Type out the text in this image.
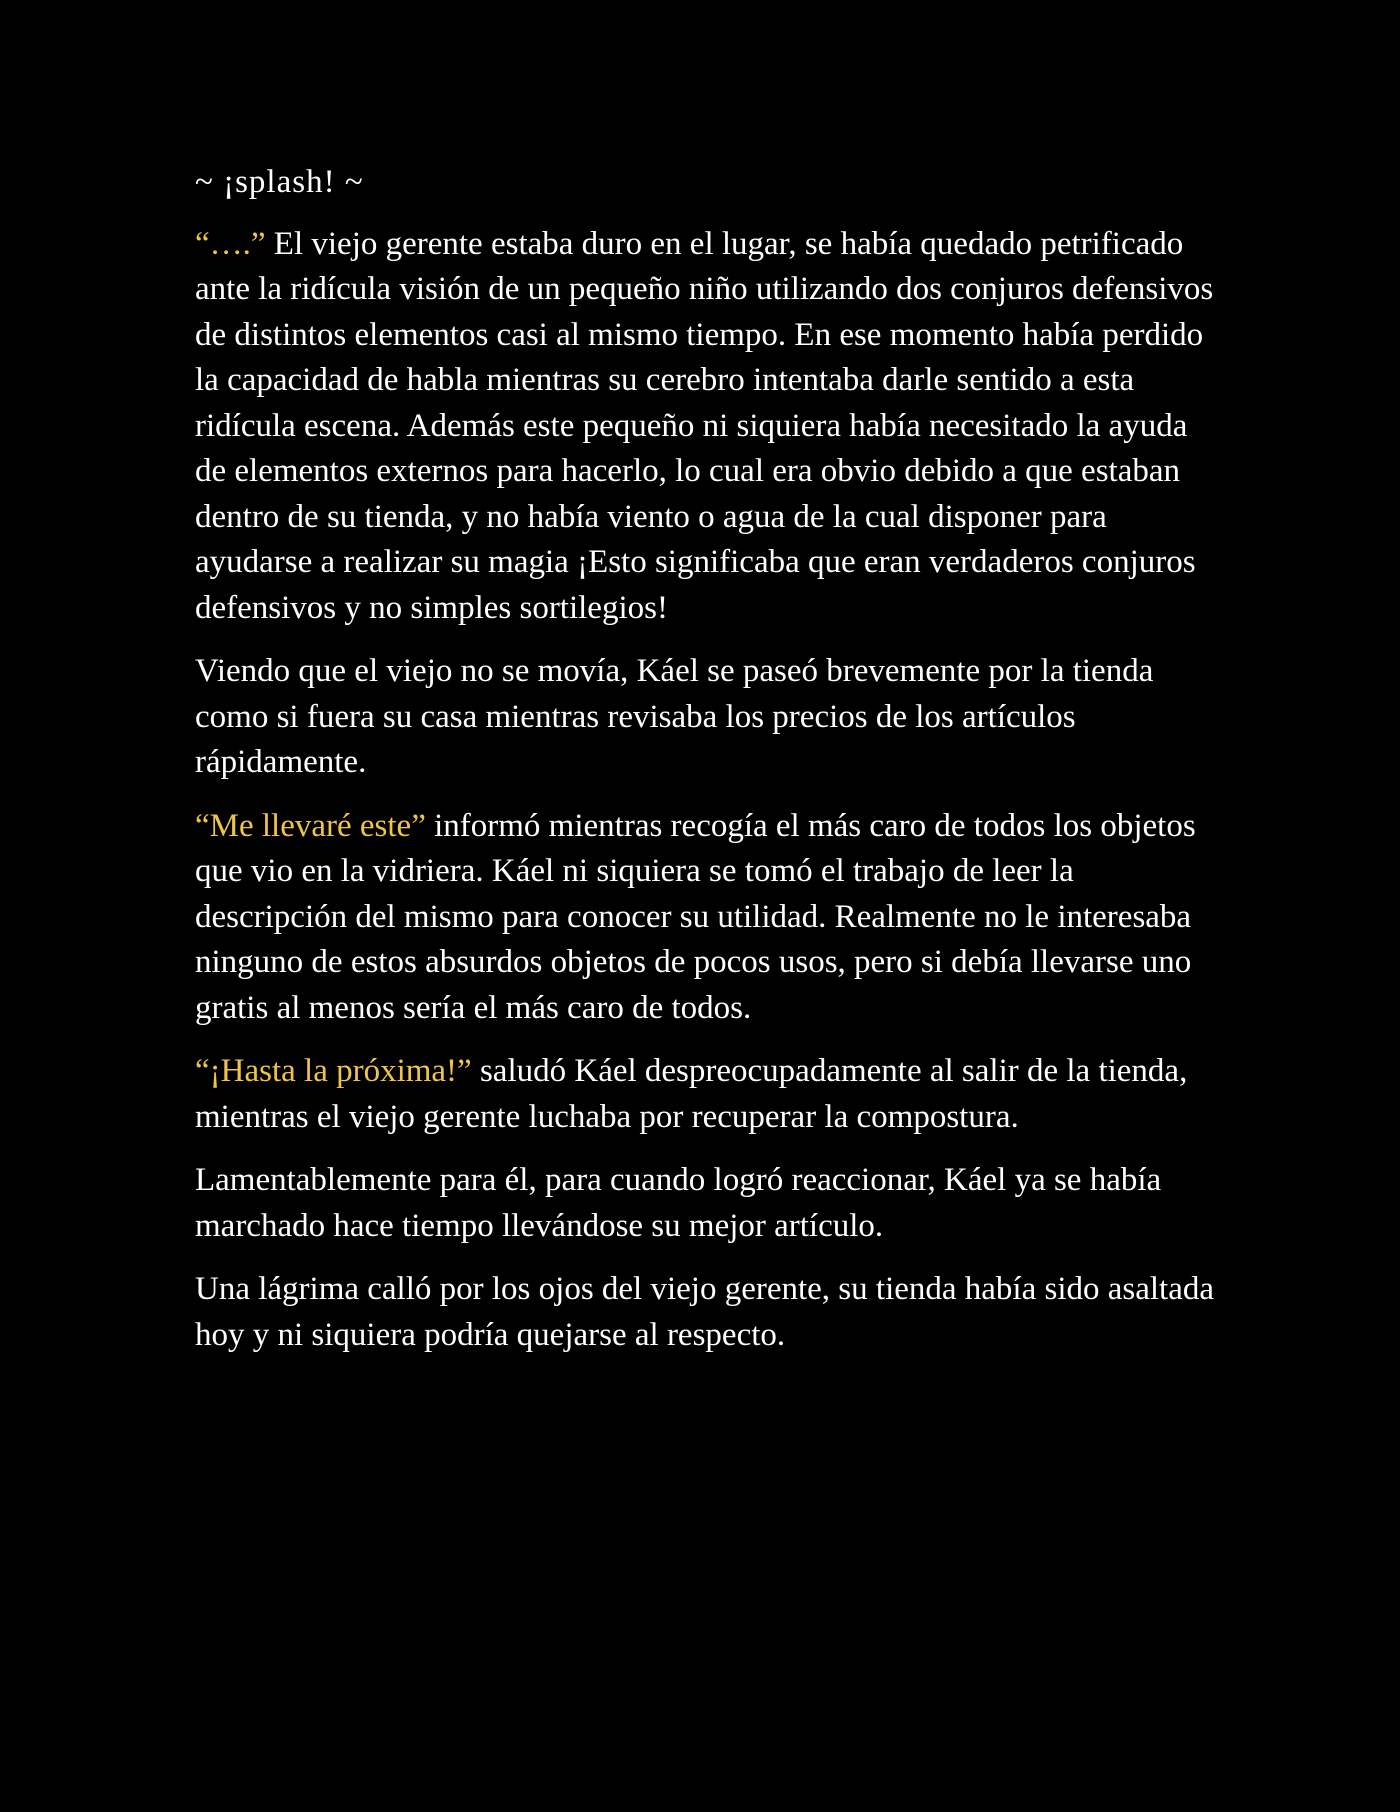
~ ¡splash! ~

“….” El viejo gerente estaba duro en el lugar, se había quedado petrificado ante la ridícula visión de un pequeño niño utilizando dos conjuros defensivos de distintos elementos casi al mismo tiempo. En ese momento había perdido la capacidad de habla mientras su cerebro intentaba darle sentido a esta ridícula escena. Además este pequeño ni siquiera había necesitado la ayuda de elementos externos para hacerlo, lo cual era obvio debido a que estaban dentro de su tienda, y no había viento o agua de la cual disponer para ayudarse a realizar su magia ¡Esto significaba que eran verdaderos conjuros defensivos y no simples sortilegios!

Viendo que el viejo no se movía, Káel se paseó brevemente por la tienda como si fuera su casa mientras revisaba los precios de los artículos rápidamente.

“Me llevaré este” informó mientras recogía el más caro de todos los objetos que vio en la vidriera. Káel ni siquiera se tomó el trabajo de leer la descripción del mismo para conocer su utilidad. Realmente no le interesaba ninguno de estos absurdos objetos de pocos usos, pero si debía llevarse uno gratis al menos sería el más caro de todos.

“¡Hasta la próxima!” saludó Káel despreocupadamente al salir de la tienda, mientras el viejo gerente luchaba por recuperar la compostura.

Lamentablemente para él, para cuando logró reaccionar, Káel ya se había marchado hace tiempo llevándose su mejor artículo.

Una lágrima calló por los ojos del viejo gerente, su tienda había sido asaltada hoy y ni siquiera podría quejarse al respecto.
